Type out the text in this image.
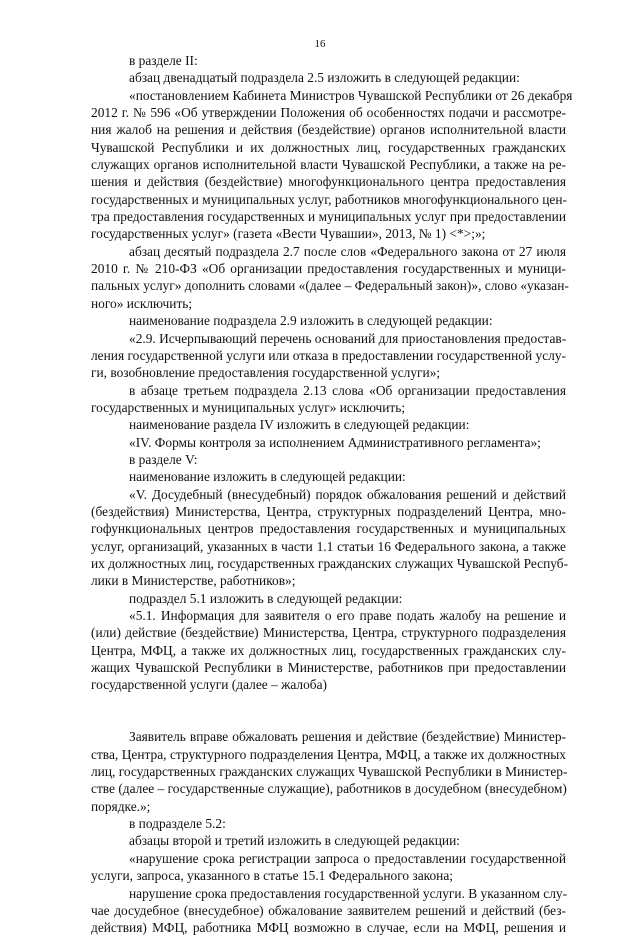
16
в разделе II:
абзац двенадцатый подраздела 2.5 изложить в следующей редакции:
«постановлением Кабинета Министров Чувашской Республики от 26 декабря
2012 г. № 596 «Об утверждении Положения об особенностях подачи и рассмотре-
ния жалоб на решения и действия (бездействие) органов исполнительной власти
Чувашской Республики и их должностных лиц, государственных гражданских
служащих органов исполнительной власти Чувашской Республики, а также на ре-
шения и действия (бездействие) многофункционального центра предоставления
государственных и муниципальных услуг, работников многофункционального цен-
тра предоставления государственных и муниципальных услуг при предоставлении
государственных услуг» (газета «Вести Чувашии», 2013, № 1) <*>;»;
абзац десятый подраздела 2.7 после слов «Федерального закона от 27 июля
2010 г. № 210-ФЗ «Об организации предоставления государственных и муници-
пальных услуг» дополнить словами «(далее – Федеральный закон)», слово «указан-
ного» исключить;
наименование подраздела 2.9 изложить в следующей редакции:
«2.9. Исчерпывающий перечень оснований для приостановления предостав-
ления государственной услуги или отказа в предоставлении государственной услу-
ги, возобновление предоставления государственной услуги»;
в абзаце третьем подраздела 2.13 слова «Об организации предоставления
государственных и муниципальных услуг» исключить;
наименование раздела IV изложить в следующей редакции:
«IV. Формы контроля за исполнением Административного регламента»;
в разделе V:
наименование изложить в следующей редакции:
«V. Досудебный (внесудебный) порядок обжалования решений и действий
(бездействия) Министерства, Центра, структурных подразделений Центра, мно-
гофункциональных центров предоставления государственных и муниципальных
услуг, организаций, указанных в части 1.1 статьи 16 Федерального закона, а также
их должностных лиц, государственных гражданских служащих Чувашской Респуб-
лики в Министерстве, работников»;
подраздел 5.1 изложить в следующей редакции:
«5.1. Информация для заявителя о его праве подать жалобу на решение и
(или) действие (бездействие) Министерства, Центра, структурного подразделения
Центра, МФЦ, а также их должностных лиц, государственных гражданских слу-
жащих Чувашской Республики в Министерстве, работников при предоставлении
государственной услуги (далее – жалоба)
Заявитель вправе обжаловать решения и действие (бездействие) Министер-
ства, Центра, структурного подразделения Центра, МФЦ, а также их должностных
лиц, государственных гражданских служащих Чувашской Республики в Министер-
стве (далее – государственные служащие), работников в досудебном (внесудебном)
порядке.»;
в подразделе 5.2:
абзацы второй и третий изложить в следующей редакции:
«нарушение срока регистрации запроса о предоставлении государственной
услуги, запроса, указанного в статье 15.1 Федерального закона;
нарушение срока предоставления государственной услуги. В указанном слу-
чае досудебное (внесудебное) обжалование заявителем решений и действий (без-
действия) МФЦ, работника МФЦ возможно в случае, если на МФЦ, решения и
